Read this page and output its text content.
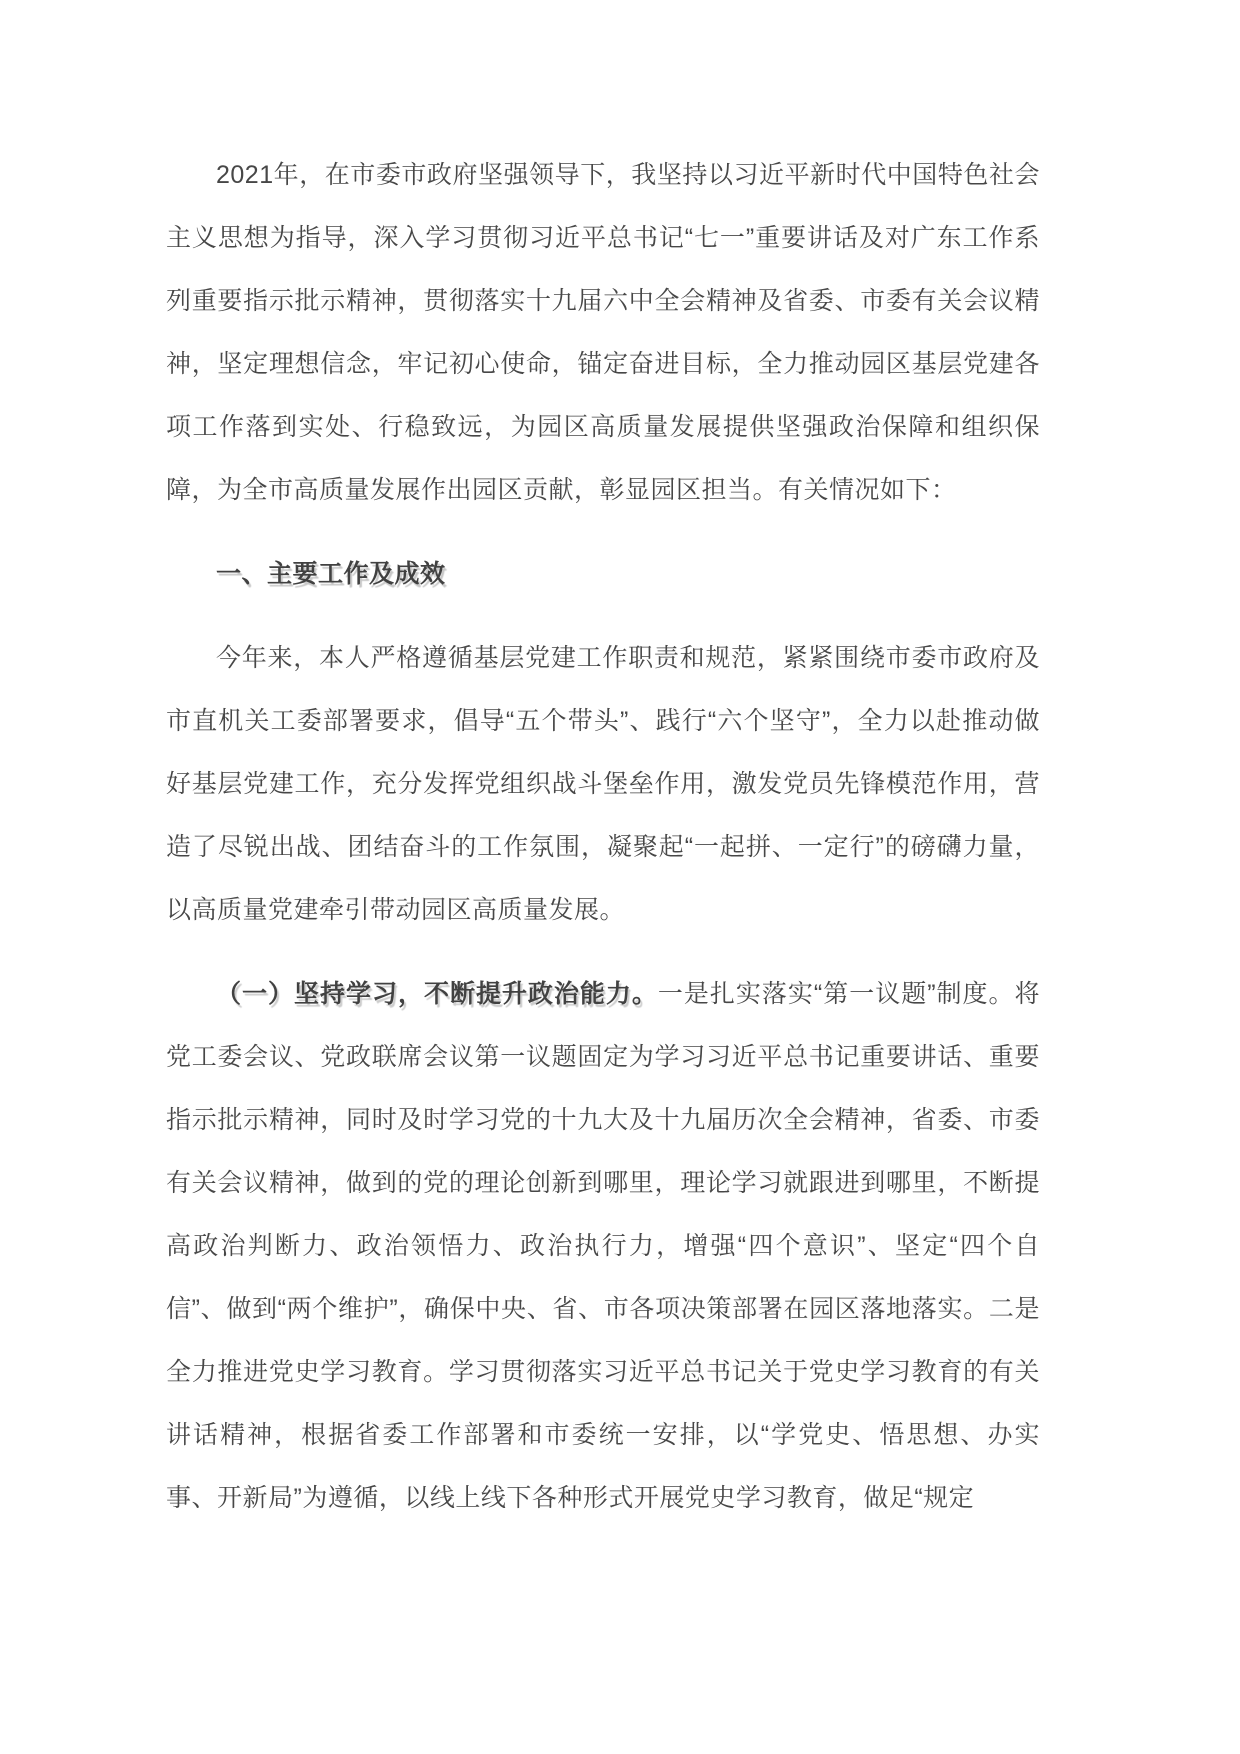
2021年，在市委市政府坚强领导下，我坚持以习近平新时代中国特色社会主义思想为指导，深入学习贯彻习近平总书记“七一”重要讲话及对广东工作系列重要指示批示精神，贯彻落实十九届六中全会精神及省委、市委有关会议精神，坚定理想信念，牢记初心使命，锚定奋进目标，全力推动园区基层党建各项工作落到实处、行稳致远，为园区高质量发展提供坚强政治保障和组织保障，为全市高质量发展作出园区贡献，彰显园区担当。有关情况如下：

一、主要工作及成效

今年来，本人严格遵循基层党建工作职责和规范，紧紧围绕市委市政府及市直机关工委部署要求，倡导“五个带头”、践行“六个坚守”，全力以赴推动做好基层党建工作，充分发挥党组织战斗堡垒作用，激发党员先锋模范作用，营造了尽锐出战、团结奋斗的工作氛围，凝聚起“一起拼、一定行”的磅礴力量，以高质量党建牵引带动园区高质量发展。

（一）坚持学习，不断提升政治能力。一是扎实落实“第一议题”制度。将党工委会议、党政联席会议第一议题固定为学习习近平总书记重要讲话、重要指示批示精神，同时及时学习党的十九大及十九届历次全会精神，省委、市委有关会议精神，做到的党的理论创新到哪里，理论学习就跟进到哪里，不断提高政治判断力、政治领悟力、政治执行力，增强“四个意识”、坚定“四个自信”、做到“两个维护”，确保中央、省、市各项决策部署在园区落地落实。二是全力推进党史学习教育。学习贯彻落实习近平总书记关于党史学习教育的有关讲话精神，根据省委工作部署和市委统一安排，以“学党史、悟思想、办实事、开新局”为遵循，以线上线下各种形式开展党史学习教育，做足“规定
